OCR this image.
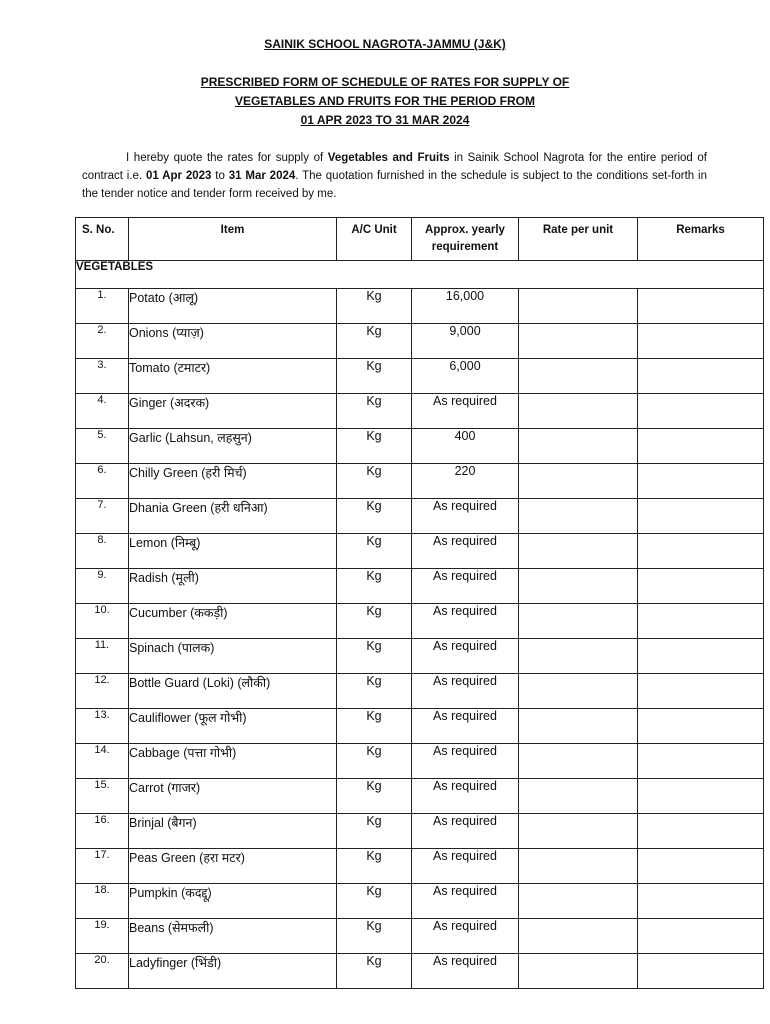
SAINIK SCHOOL NAGROTA-JAMMU (J&K)
PRESCRIBED FORM OF SCHEDULE OF RATES FOR SUPPLY OF
VEGETABLES AND FRUITS FOR THE PERIOD FROM
01 APR 2023 TO 31 MAR 2024
I hereby quote the rates for supply of Vegetables and Fruits in Sainik School Nagrota for the entire period of contract i.e. 01 Apr 2023 to 31 Mar 2024. The quotation furnished in the schedule is subject to the conditions set-forth in the tender notice and tender form received by me.
S. No.	Item	A/C Unit	Approx. yearly requirement	Rate per unit	Remarks
VEGETABLES					
1.	Potato (आलू)	Kg	16,000		
2.	Onions (प्याज़)	Kg	9,000		
3.	Tomato (टमाटर)	Kg	6,000		
4.	Ginger (अदरक)	Kg	As required		
5.	Garlic (Lahsun, लहसुन)	Kg	400		
6.	Chilly Green (हरी मिर्च)	Kg	220		
7.	Dhania Green (हरी धनिआ)	Kg	As required		
8.	Lemon (निम्बू)	Kg	As required		
9.	Radish (मूली)	Kg	As required		
10.	Cucumber (ककड़ी)	Kg	As required		
11.	Spinach (पालक)	Kg	As required		
12.	Bottle Guard (Loki) (लौकी)	Kg	As required		
13.	Cauliflower (फूल गोभी)	Kg	As required		
14.	Cabbage (पत्ता गोभी)	Kg	As required		
15.	Carrot (गाजर)	Kg	As required		
16.	Brinjal (बैगन)	Kg	As required		
17.	Peas Green (हरा मटर)	Kg	As required		
18.	Pumpkin (कदद्दू)	Kg	As required		
19.	Beans (सेमफली)	Kg	As required		
20.	Ladyfinger (भिंडी)	Kg	As required		
